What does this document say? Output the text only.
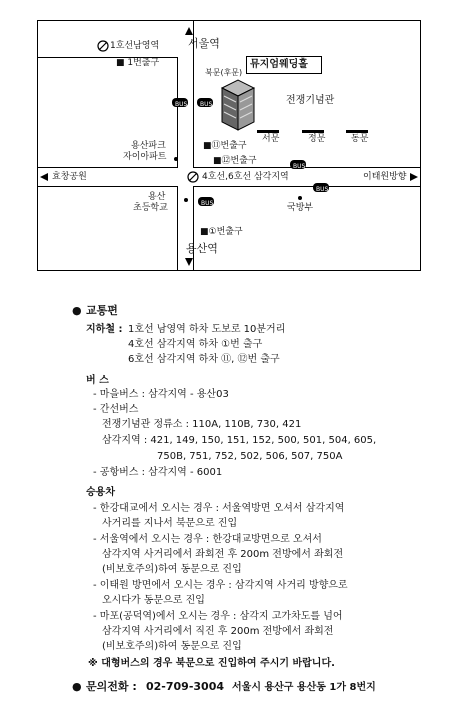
1호선남영역	서울역
뮤지엄웨딩홀
■ 1번출구
북문(후문)
전쟁기념관
BUS BUS
서문	정문	동문
■⑪번출구
■⑫번출구
용산파크
자이아파트
BUS
효창공원	4호선,6호선 삼각지역	이태원방향
BUS
용산
초등학교	BUS	국방부
■①번출구
용산역
● 교통편
지하철 : 1호선 남영역 하차 도보로 10분거리
4호선 삼각지역 하차 ①번 출구
6호선 삼각지역 하차 ⑪, ⑫번 출구
버 스
- 마을버스 : 삼각지역 - 용산03
- 간선버스
전쟁기념관 정류소 : 110A, 110B, 730, 421
삼각지역 : 421, 149, 150, 151, 152, 500, 501, 504, 605,
750B, 751, 752, 502, 506, 507, 750A
- 공항버스 : 삼각지역 - 6001
승용차
- 한강대교에서 오시는 경우 : 서울역방면 오셔서 삼각지역
사거리를 지나서 북문으로 진입
- 서울역에서 오시는 경우 : 한강대교방면으로 오셔서
삼각지역 사거리에서 좌회전 후 200m 전방에서 좌회전
(비보호주의)하여 동문으로 진입
- 이태원 방면에서 오시는 경우 : 삼각지역 사거리 방향으로
오시다가 동문으로 진입
- 마포(공덕역)에서 오시는 경우 : 삼각지 고가차도를 넘어
삼각지역 사거리에서 직진 후 200m 전방에서 좌회전
(비보호주의)하여 동문으로 진입
※ 대형버스의 경우 북문으로 진입하여 주시기 바랍니다.
● 문의전화 : 02-709-3004 서울시 용산구 용산동 1가 8번지
